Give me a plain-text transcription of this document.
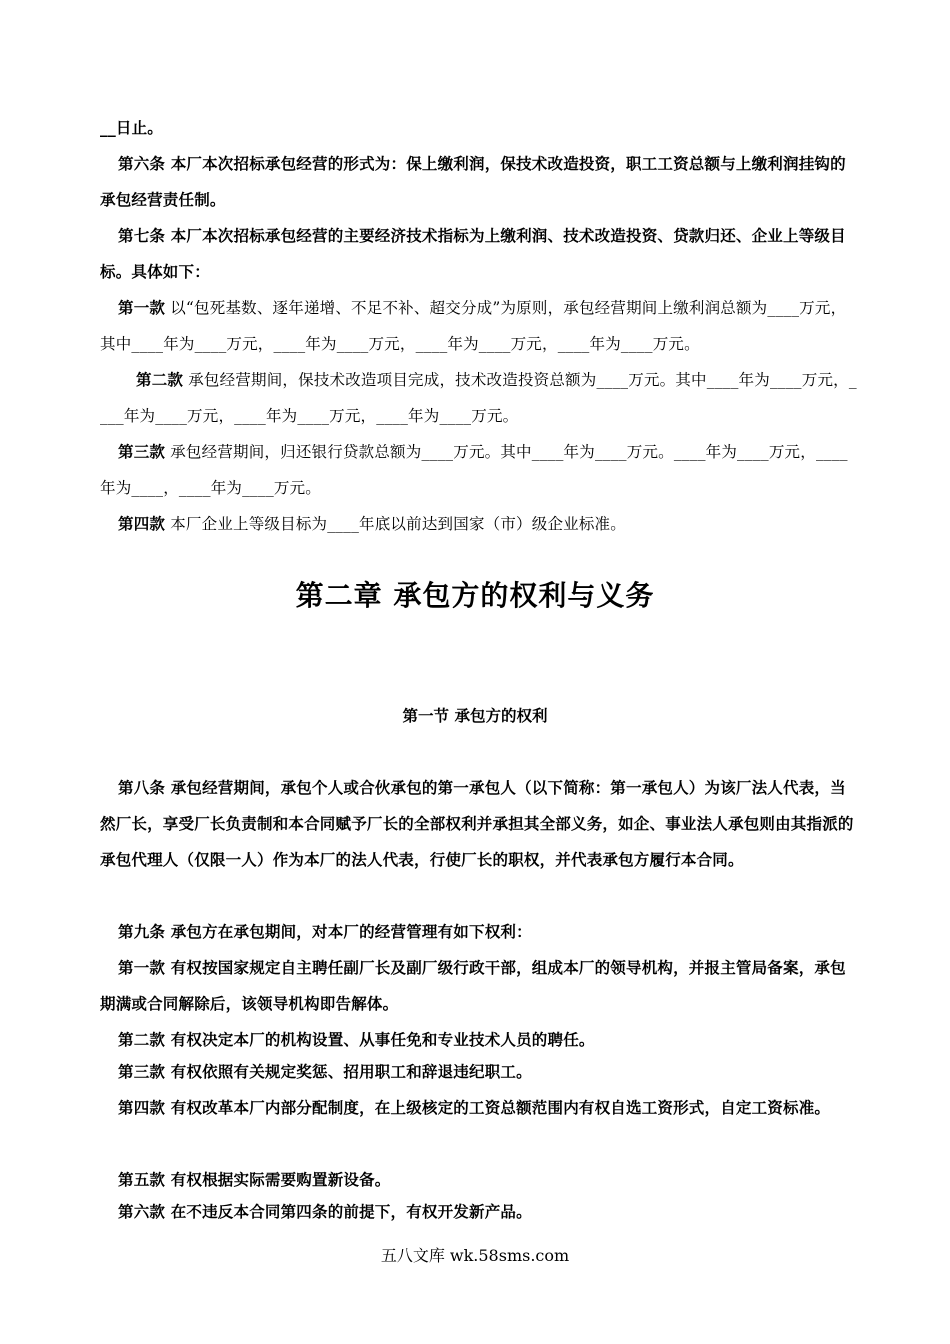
__日止。
第六条 本厂本次招标承包经营的形式为：保上缴利润，保技术改造投资，职工工资总额与上缴利润挂钩的承包经营责任制。
第七条 本厂本次招标承包经营的主要经济技术指标为上缴利润、技术改造投资、贷款归还、企业上等级目标。具体如下：
第一款 以“包死基数、逐年递增、不足不补、超交分成”为原则，承包经营期间上缴利润总额为____万元，其中____年为____万元，____年为____万元，____年为____万元，____年为____万元。
第二款 承包经营期间，保技术改造项目完成，技术改造投资总额为____万元。其中____年为____万元，____年为____万元，____年为____万元，____年为____万元。
第三款 承包经营期间，归还银行贷款总额为____万元。其中____年为____万元。____年为____万元，____年为____，____年为____万元。
第四款 本厂企业上等级目标为____年底以前达到国家（市）级企业标准。
第二章 承包方的权利与义务
第一节 承包方的权利
第八条 承包经营期间，承包个人或合伙承包的第一承包人（以下简称：第一承包人）为该厂法人代表，当然厂长，享受厂长负责制和本合同赋予厂长的全部权利并承担其全部义务，如企、事业法人承包则由其指派的承包代理人（仅限一人）作为本厂的法人代表，行使厂长的职权，并代表承包方履行本合同。
第九条 承包方在承包期间，对本厂的经营管理有如下权利：
第一款 有权按国家规定自主聘任副厂长及副厂级行政干部，组成本厂的领导机构，并报主管局备案，承包期满或合同解除后，该领导机构即告解体。
第二款 有权决定本厂的机构设置、从事任免和专业技术人员的聘任。
第三款 有权依照有关规定奖惩、招用职工和辞退违纪职工。
第四款 有权改革本厂内部分配制度，在上级核定的工资总额范围内有权自选工资形式，自定工资标准。
第五款 有权根据实际需要购置新设备。
第六款 在不违反本合同第四条的前提下，有权开发新产品。
五八文库 wk.58sms.com
